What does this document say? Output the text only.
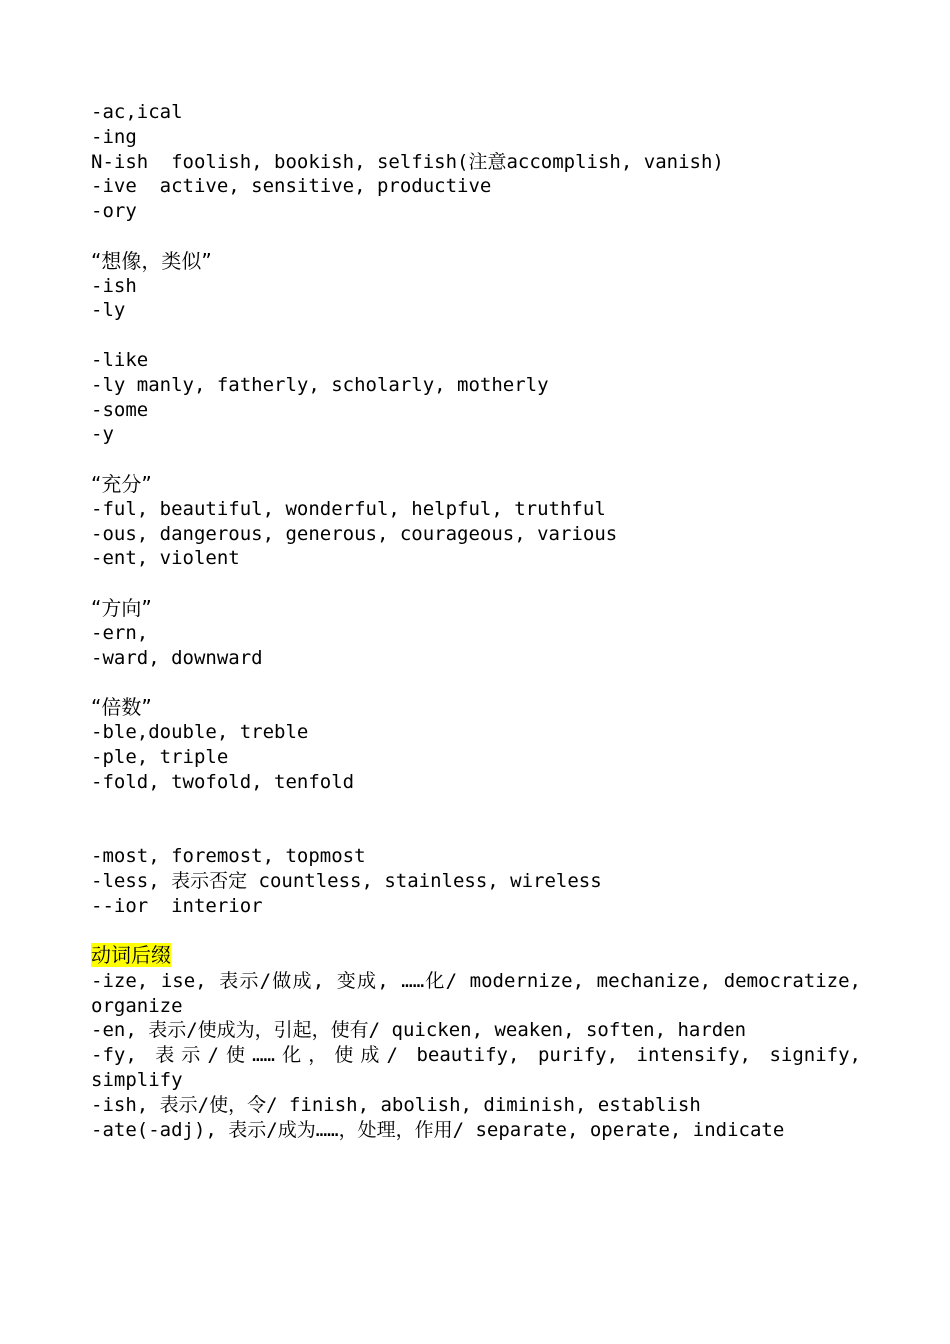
-ac,ical
-ing
N-ish  foolish, bookish, selfish(注意accomplish, vanish)
-ive  active, sensitive, productive
-ory
“想像，类似”
-ish
-ly
-like
-ly manly, fatherly, scholarly, motherly
-some
-y
“充分”
-ful, beautiful, wonderful, helpful, truthful
-ous, dangerous, generous, courageous, various
-ent, violent
“方向”
-ern,
-ward, downward
“倍数”
-ble,double, treble
-ple, triple
-fold, twofold, tenfold
-most, foremost, topmost
-less, 表示否定 countless, stainless, wireless
--ior  interior
动词后缀
-ize, ise, 表示/做成, 变成, ……化/ modernize, mechanize, democratize, organize
-en, 表示/使成为，引起，使有/ quicken, weaken, soften, harden
-fy, 表示/使……化，使成/ beautify, purify, intensify, signify, simplify
-ish, 表示/使，令/ finish, abolish, diminish, establish
-ate(-adj), 表示/成为……，处理，作用/ separate, operate, indicate
